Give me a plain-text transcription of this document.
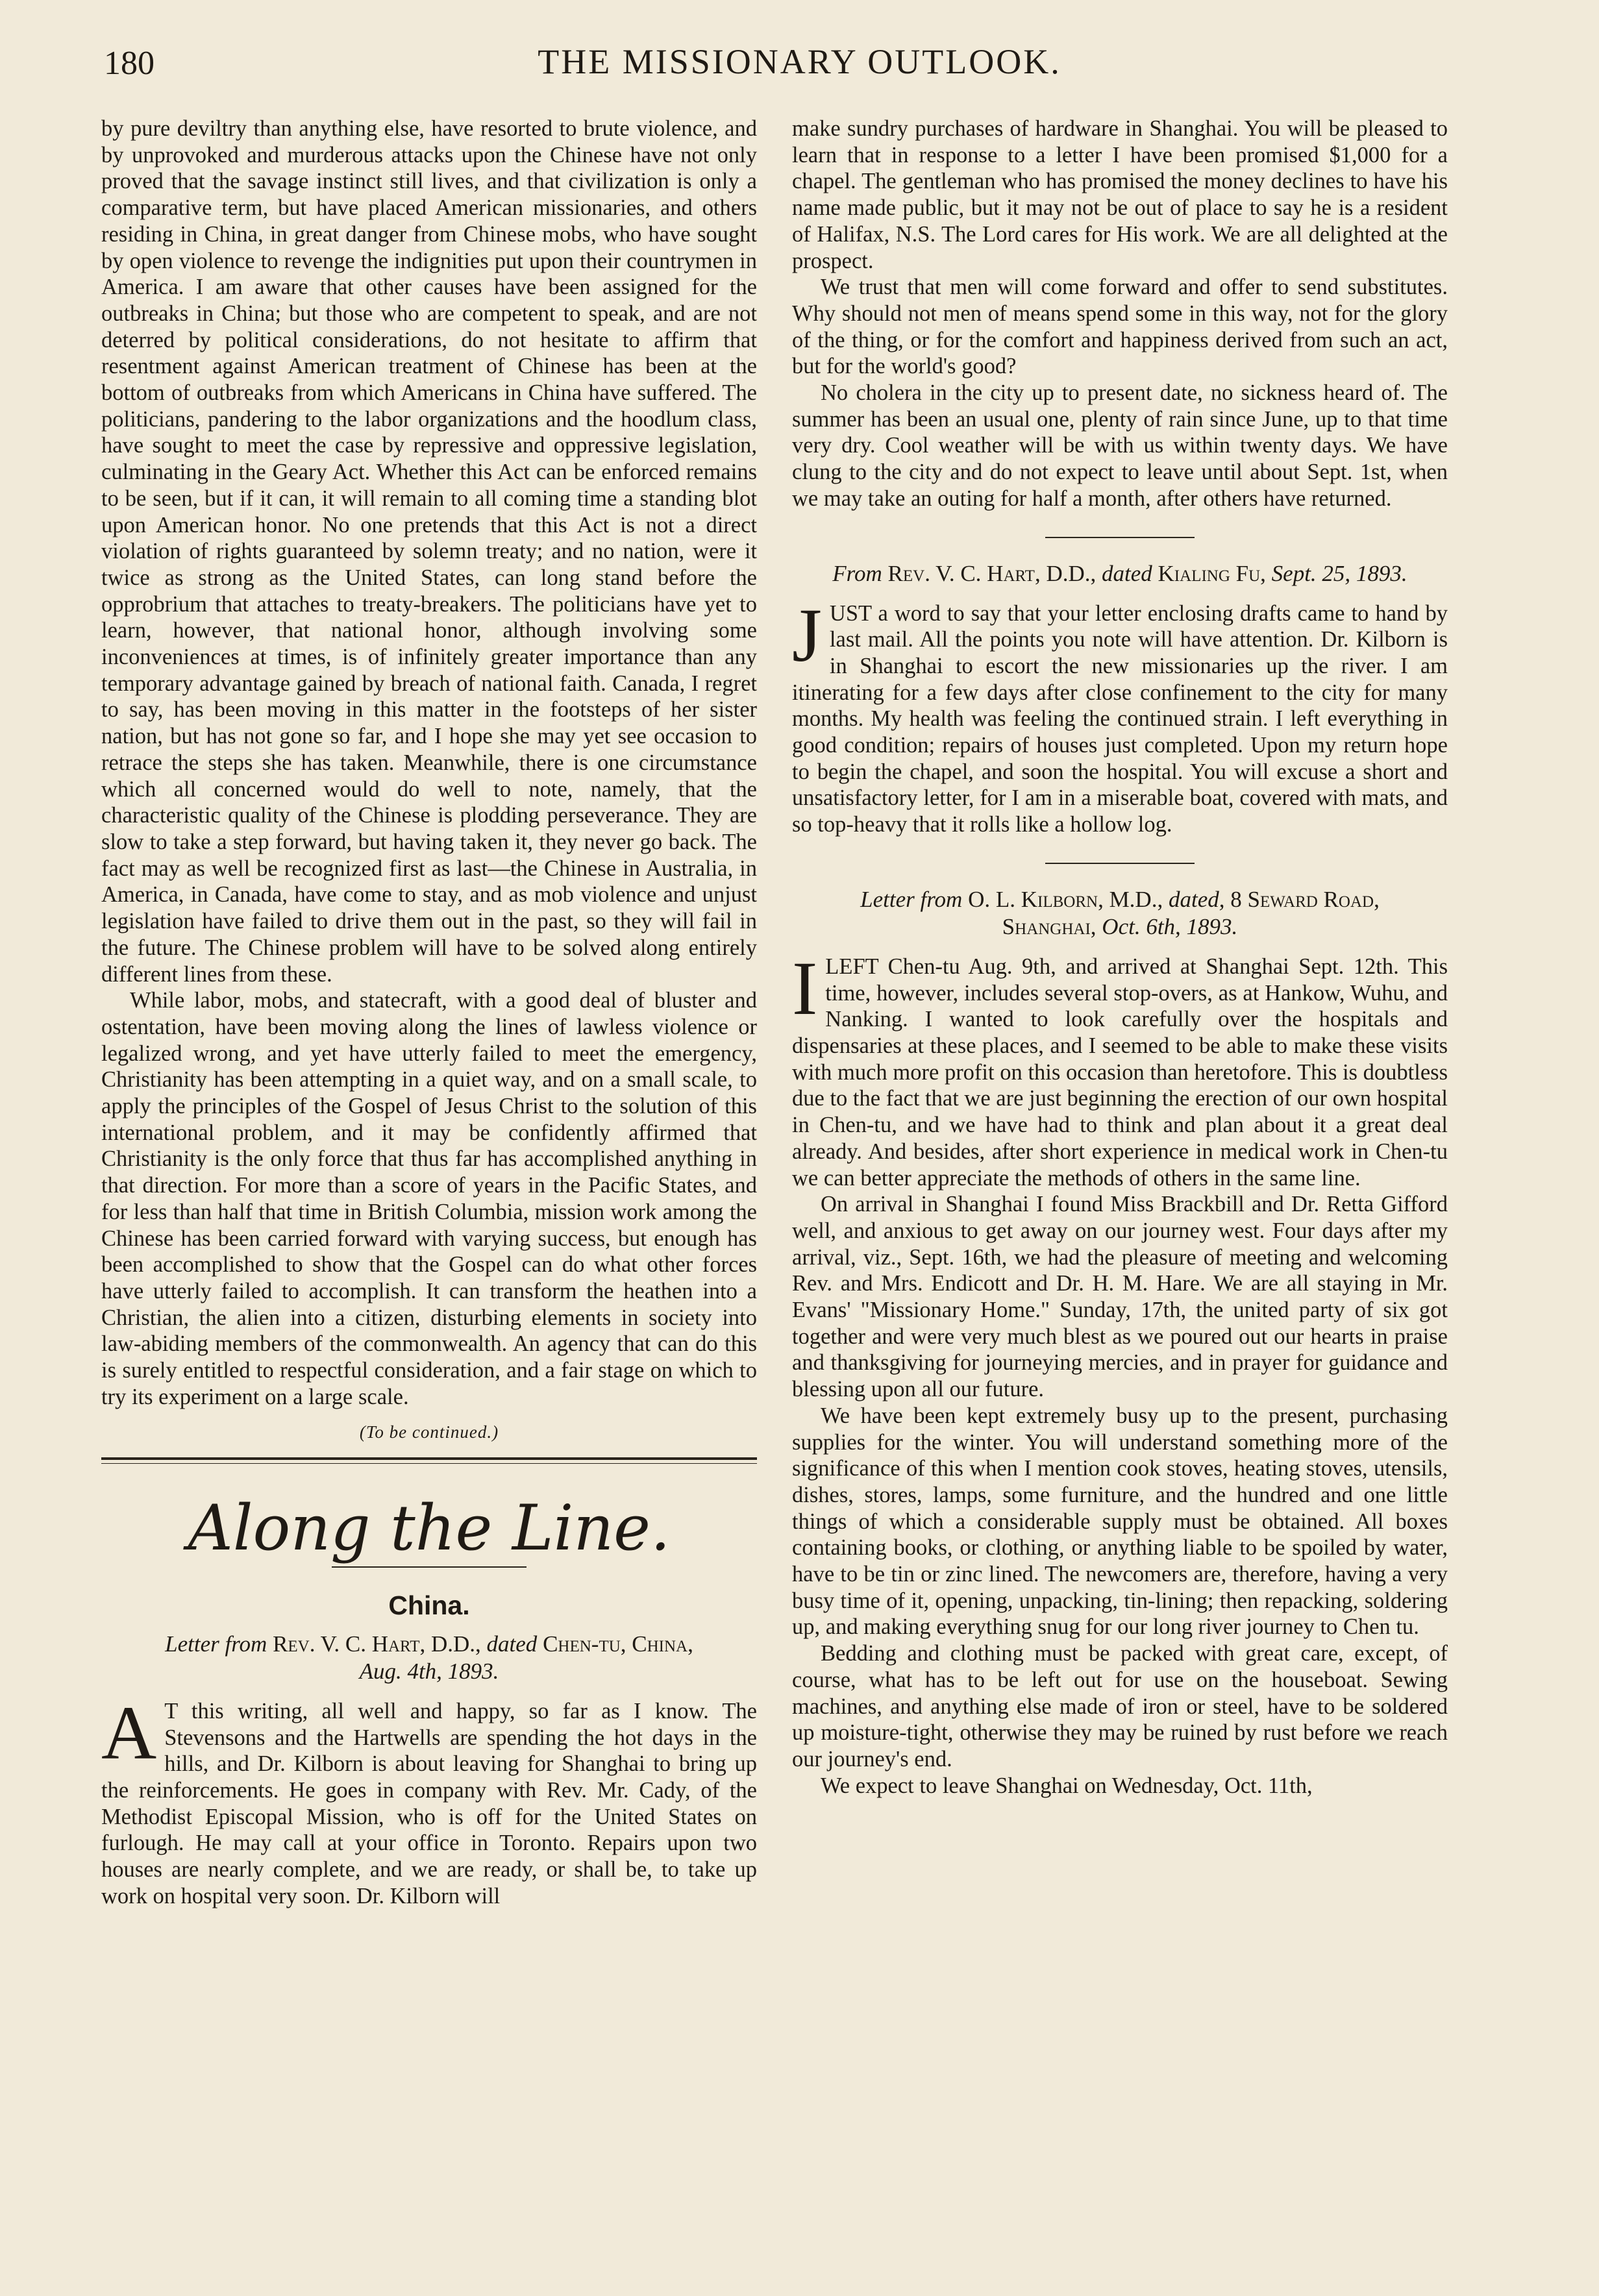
180	THE MISSIONARY OUTLOOK.

by pure deviltry than anything else, have resorted to brute violence, and by unprovoked and murderous attacks upon the Chinese have not only proved that the savage instinct still lives, and that civilization is only a comparative term, but have placed American missionaries, and others residing in China, in great danger from Chinese mobs, who have sought by open violence to revenge the indignities put upon their countrymen in America. I am aware that other causes have been assigned for the outbreaks in China; but those who are competent to speak, and are not deterred by political considerations, do not hesitate to affirm that resentment against American treatment of Chinese has been at the bottom of outbreaks from which Americans in China have suffered. The politicians, pandering to the labor organizations and the hoodlum class, have sought to meet the case by repressive and oppressive legislation, culminating in the Geary Act. Whether this Act can be enforced remains to be seen, but if it can, it will remain to all coming time a standing blot upon American honor. No one pretends that this Act is not a direct violation of rights guaranteed by solemn treaty; and no nation, were it twice as strong as the United States, can long stand before the opprobrium that attaches to treaty-breakers. The politicians have yet to learn, however, that national honor, although involving some inconveniences at times, is of infinitely greater importance than any temporary advantage gained by breach of national faith. Canada, I regret to say, has been moving in this matter in the footsteps of her sister nation, but has not gone so far, and I hope she may yet see occasion to retrace the steps she has taken. Meanwhile, there is one circumstance which all concerned would do well to note, namely, that the characteristic quality of the Chinese is plodding perseverance. They are slow to take a step forward, but having taken it, they never go back. The fact may as well be recognized first as last—the Chinese in Australia, in America, in Canada, have come to stay, and as mob violence and unjust legislation have failed to drive them out in the past, so they will fail in the future. The Chinese problem will have to be solved along entirely different lines from these.

While labor, mobs, and statecraft, with a good deal of bluster and ostentation, have been moving along the lines of lawless violence or legalized wrong, and yet have utterly failed to meet the emergency, Christianity has been attempting in a quiet way, and on a small scale, to apply the principles of the Gospel of Jesus Christ to the solution of this international problem, and it may be confidently affirmed that Christianity is the only force that thus far has accomplished anything in that direction. For more than a score of years in the Pacific States, and for less than half that time in British Columbia, mission work among the Chinese has been carried forward with varying success, but enough has been accomplished to show that the Gospel can do what other forces have utterly failed to accomplish. It can transform the heathen into a Christian, the alien into a citizen, disturbing elements in society into law-abiding members of the commonwealth. An agency that can do this is surely entitled to respectful consideration, and a fair stage on which to try its experiment on a large scale.

(To be continued.)
Along the Line.
China.
Letter from Rev. V. C. Hart, D.D., dated Chen-tu, China,
Aug. 4th, 1893.

A T this writing, all well and happy, so far as I know. The Stevensons and the Hartwells are spending the hot days in the hills, and Dr. Kilborn is about leaving for Shanghai to bring up the reinforcements. He goes in company with Rev. Mr. Cady, of the Methodist Episcopal Mission, who is off for the United States on furlough. He may call at your office in Toronto. Repairs upon two houses are nearly complete, and we are ready, or shall be, to take up work on hospital very soon. Dr. Kilborn will

make sundry purchases of hardware in Shanghai. You will be pleased to learn that in response to a letter I have been promised $1,000 for a chapel. The gentleman who has promised the money declines to have his name made public, but it may not be out of place to say he is a resident of Halifax, N.S. The Lord cares for His work. We are all delighted at the prospect.

We trust that men will come forward and offer to send substitutes. Why should not men of means spend some in this way, not for the glory of the thing, or for the comfort and happiness derived from such an act, but for the world's good?

No cholera in the city up to present date, no sickness heard of. The summer has been an usual one, plenty of rain since June, up to that time very dry. Cool weather will be with us within twenty days. We have clung to the city and do not expect to leave until about Sept. 1st, when we may take an outing for half a month, after others have returned.

From Rev. V. C. Hart, D.D., dated Kialing Fu, Sept. 25, 1893.

JUST a word to say that your letter enclosing drafts came to hand by last mail. All the points you note will have attention. Dr. Kilborn is in Shanghai to escort the new missionaries up the river. I am itinerating for a few days after close confinement to the city for many months. My health was feeling the continued strain. I left everything in good condition; repairs of houses just completed. Upon my return hope to begin the chapel, and soon the hospital. You will excuse a short and unsatisfactory letter, for I am in a miserable boat, covered with mats, and so top-heavy that it rolls like a hollow log.

Letter from O. L. Kilborn, M.D., dated, 8 Seward Road,
Shanghai, Oct. 6th, 1893.

ILEFT Chen-tu Aug. 9th, and arrived at Shanghai Sept. 12th. This time, however, includes several stop-overs, as at Hankow, Wuhu, and Nanking. I wanted to look carefully over the hospitals and dispensaries at these places, and I seemed to be able to make these visits with much more profit on this occasion than heretofore. This is doubtless due to the fact that we are just beginning the erection of our own hospital in Chen-tu, and we have had to think and plan about it a great deal already. And besides, after short experience in medical work in Chen-tu we can better appreciate the methods of others in the same line.

On arrival in Shanghai I found Miss Brackbill and Dr. Retta Gifford well, and anxious to get away on our journey west. Four days after my arrival, viz., Sept. 16th, we had the pleasure of meeting and welcoming Rev. and Mrs. Endicott and Dr. H. M. Hare. We are all staying in Mr. Evans' "Missionary Home." Sunday, 17th, the united party of six got together and were very much blest as we poured out our hearts in praise and thanksgiving for journeying mercies, and in prayer for guidance and blessing upon all our future.

We have been kept extremely busy up to the present, purchasing supplies for the winter. You will understand something more of the significance of this when I mention cook stoves, heating stoves, utensils, dishes, stores, lamps, some furniture, and the hundred and one little things of which a considerable supply must be obtained. All boxes containing books, or clothing, or anything liable to be spoiled by water, have to be tin or zinc lined. The newcomers are, therefore, having a very busy time of it, opening, unpacking, tin-lining; then repacking, soldering up, and making everything snug for our long river journey to Chen tu.

Bedding and clothing must be packed with great care, except, of course, what has to be left out for use on the houseboat. Sewing machines, and anything else made of iron or steel, have to be soldered up moisture-tight, otherwise they may be ruined by rust before we reach our journey's end.

We expect to leave Shanghai on Wednesday, Oct. 11th,
